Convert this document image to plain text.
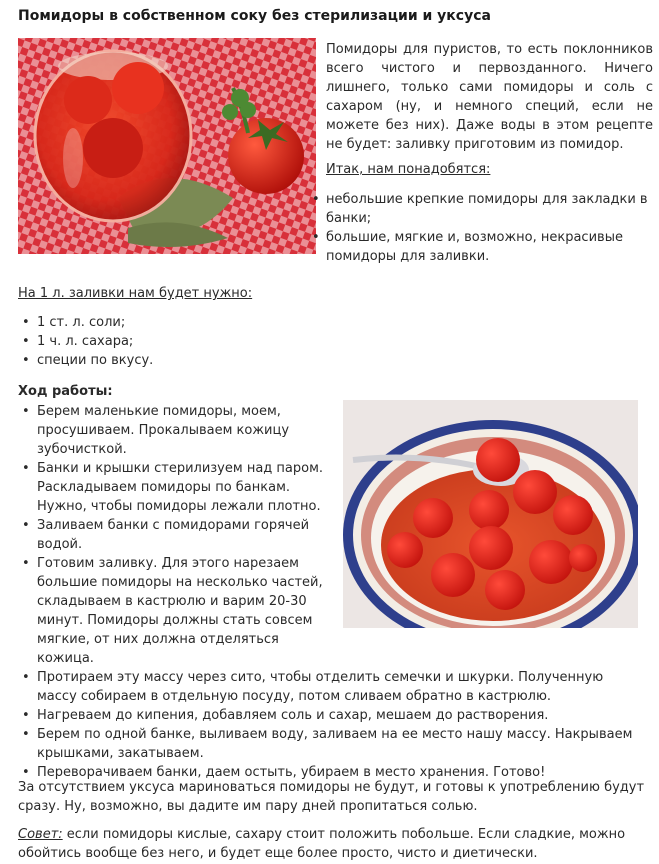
Помидоры в собственном соку без стерилизации и уксуса
Помидоры для пуристов, то есть поклонников всего чистого и первозданного. Ничего лишнего, только сами помидоры и соль с сахаром (ну, и немного специй, если не можете без них). Даже воды в этом рецепте не будет: заливку приготовим из помидор.
Итак, нам понадобятся:
• небольшие крепкие помидоры для закладки в банки;
• большие, мягкие и, возможно, некрасивые помидоры для заливки.
На 1 л. заливки нам будет нужно:
• 1 ст. л. соли;
• 1 ч. л. сахара;
• специи по вкусу.
Ход работы:
• Берем маленькие помидоры, моем, просушиваем. Прокалываем кожицу зубочисткой.
• Банки и крышки стерилизуем над паром. Раскладываем помидоры по банкам. Нужно, чтобы помидоры лежали плотно.
• Заливаем банки с помидорами горячей водой.
• Готовим заливку. Для этого нарезаем большие помидоры на несколько частей, складываем в кастрюлю и варим 20-30 минут. Помидоры должны стать совсем мягкие, от них должна отделяться кожица.
• Протираем эту массу через сито, чтобы отделить семечки и шкурки. Полученную массу собираем в отдельную посуду, потом сливаем обратно в кастрюлю.
• Нагреваем до кипения, добавляем соль и сахар, мешаем до растворения.
• Берем по одной банке, выливаем воду, заливаем на ее место нашу массу. Накрываем крышками, закатываем.
• Переворачиваем банки, даем остыть, убираем в место хранения. Готово!
За отсутствием уксуса мариноваться помидоры не будут, и готовы к употреблению будут сразу. Ну, возможно, вы дадите им пару дней пропитаться солью.
Совет: если помидоры кислые, сахару стоит положить побольше. Если сладкие, можно обойтись вообще без него, и будет еще более просто, чисто и диетически.
